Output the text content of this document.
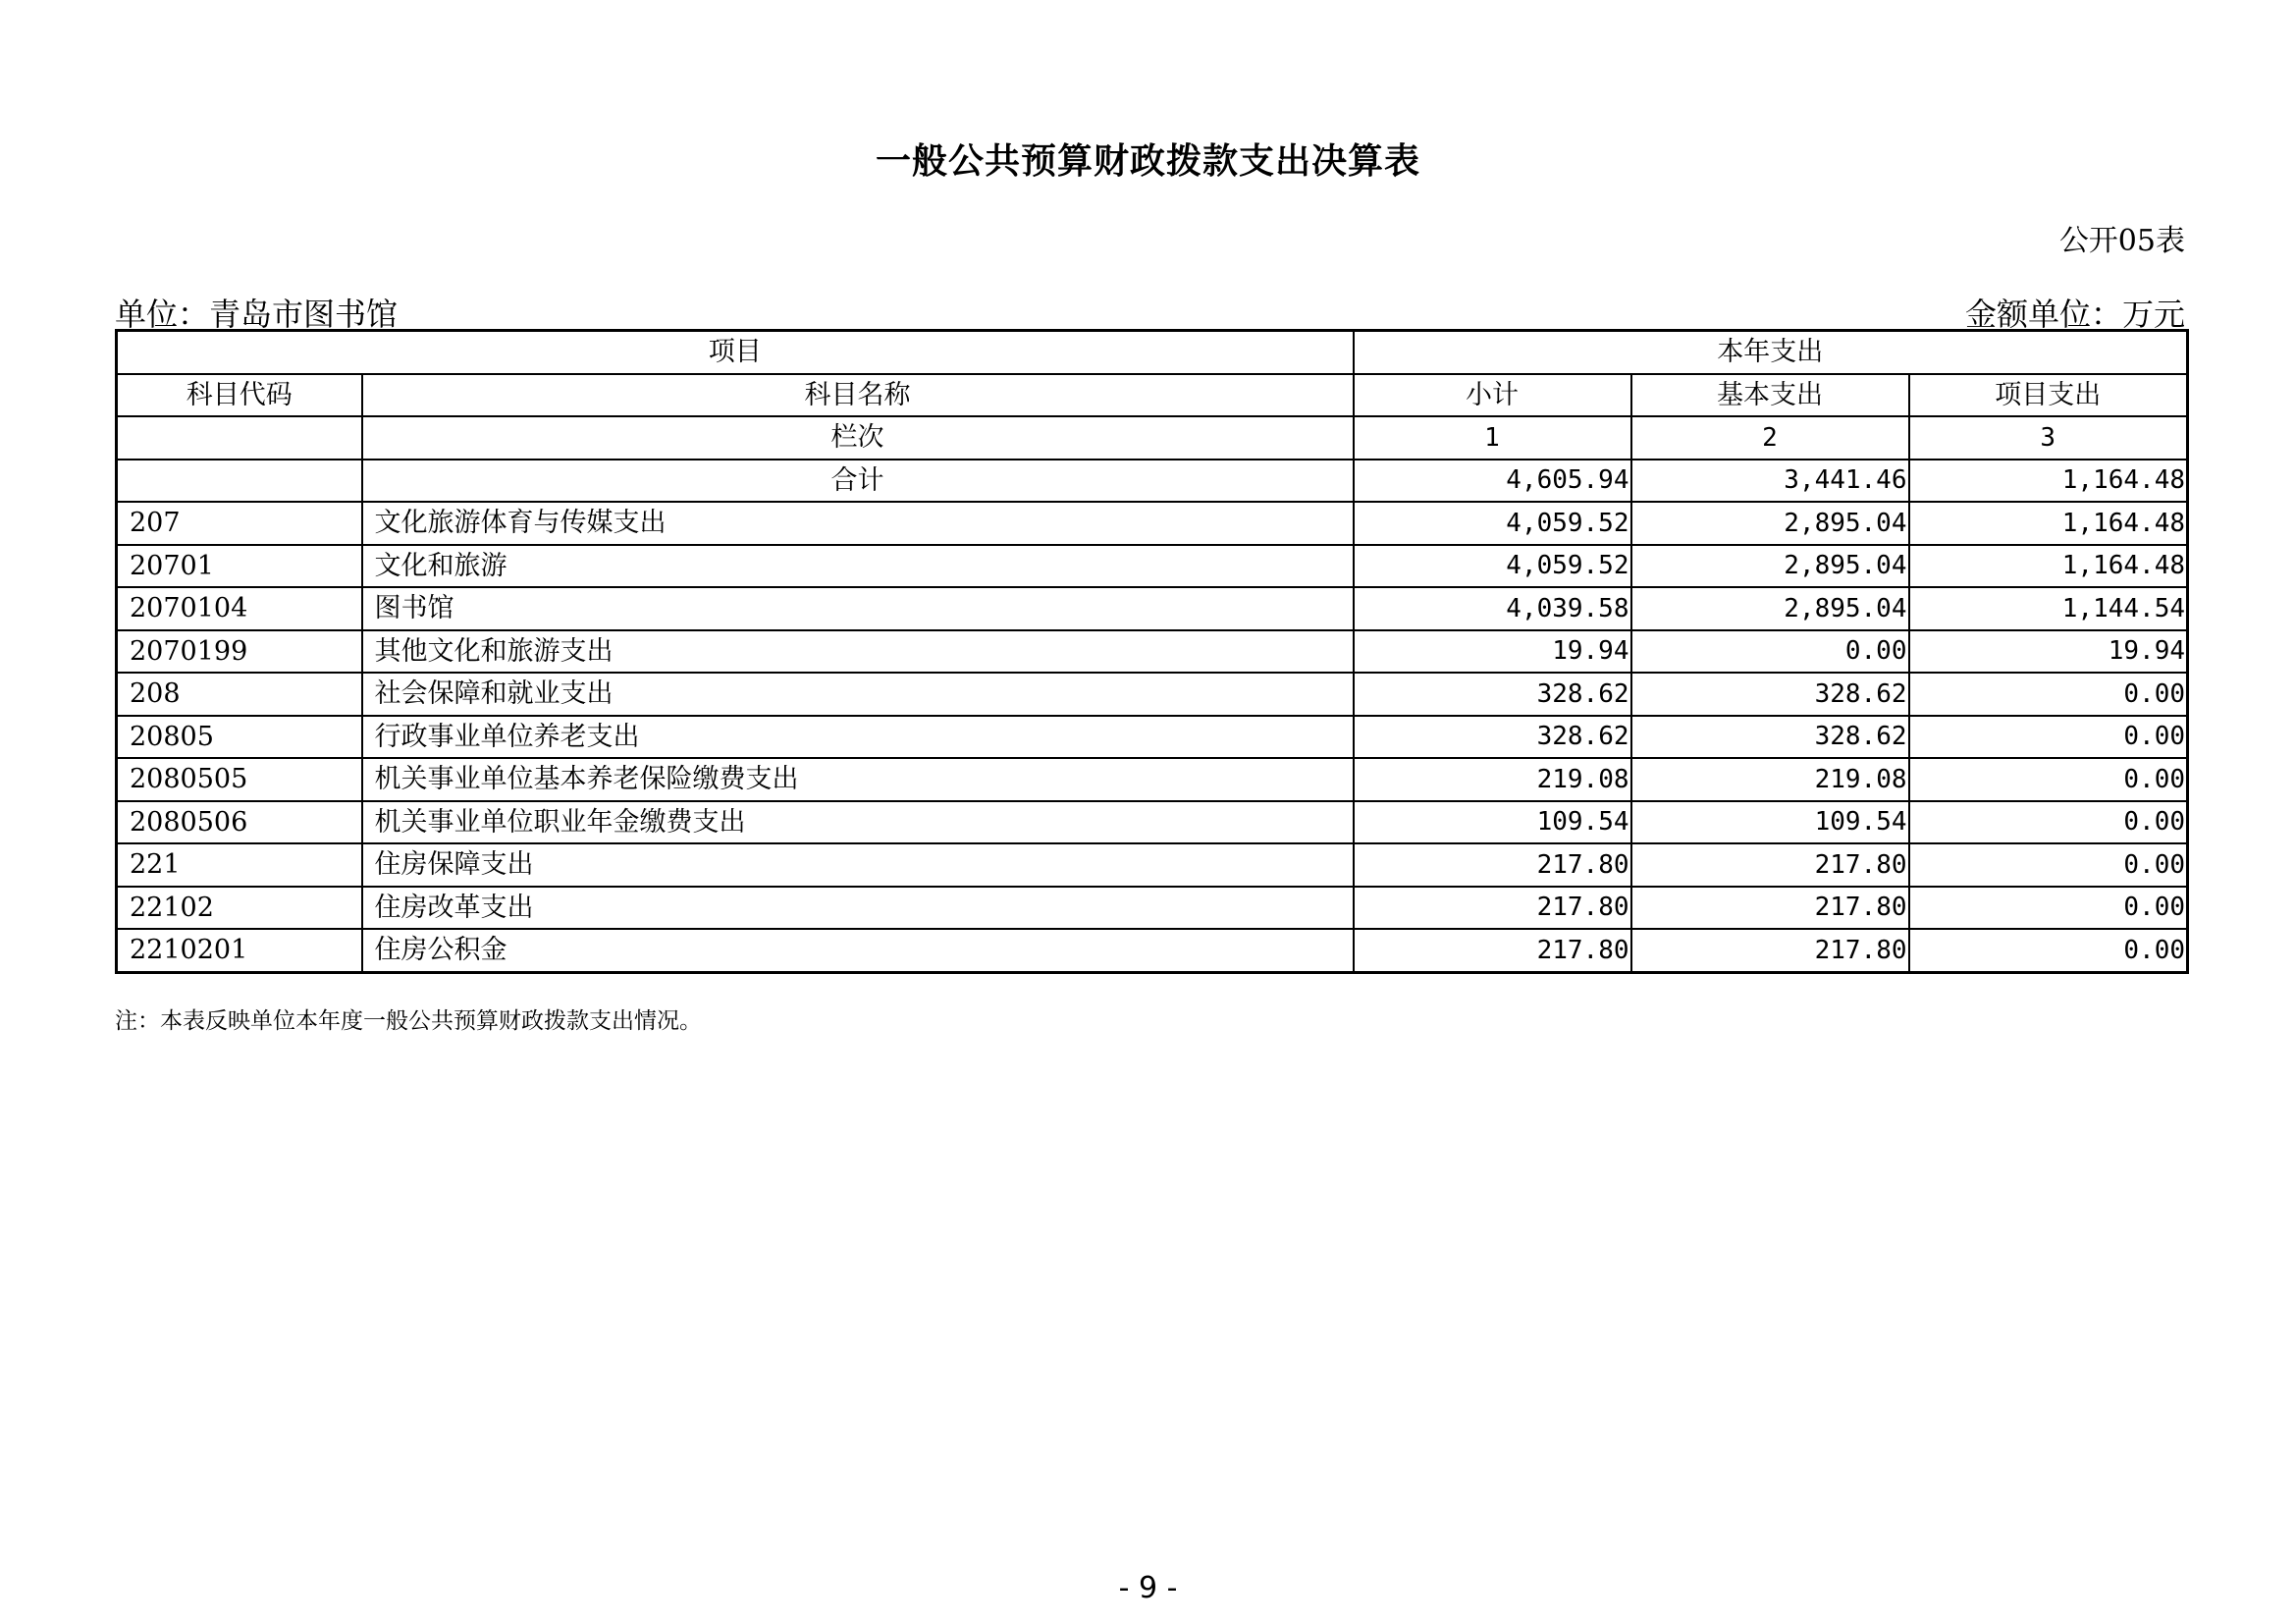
一般公共预算财政拨款支出决算表
公开05表
单位：青岛市图书馆	金额单位：万元
项目		本年支出		
科目代码	科目名称	小计	基本支出	项目支出
	栏次	1	2	3
	合计	4,605.94	3,441.46	1,164.48
207	文化旅游体育与传媒支出	4,059.52	2,895.04	1,164.48
20701	文化和旅游	4,059.52	2,895.04	1,164.48
2070104	图书馆	4,039.58	2,895.04	1,144.54
2070199	其他文化和旅游支出	19.94	0.00	19.94
208	社会保障和就业支出	328.62	328.62	0.00
20805	行政事业单位养老支出	328.62	328.62	0.00
2080505	机关事业单位基本养老保险缴费支出	219.08	219.08	0.00
2080506	机关事业单位职业年金缴费支出	109.54	109.54	0.00
221	住房保障支出	217.80	217.80	0.00
22102	住房改革支出	217.80	217.80	0.00
2210201	住房公积金	217.80	217.80	0.00
注：本表反映单位本年度一般公共预算财政拨款支出情况。
- 9 -
